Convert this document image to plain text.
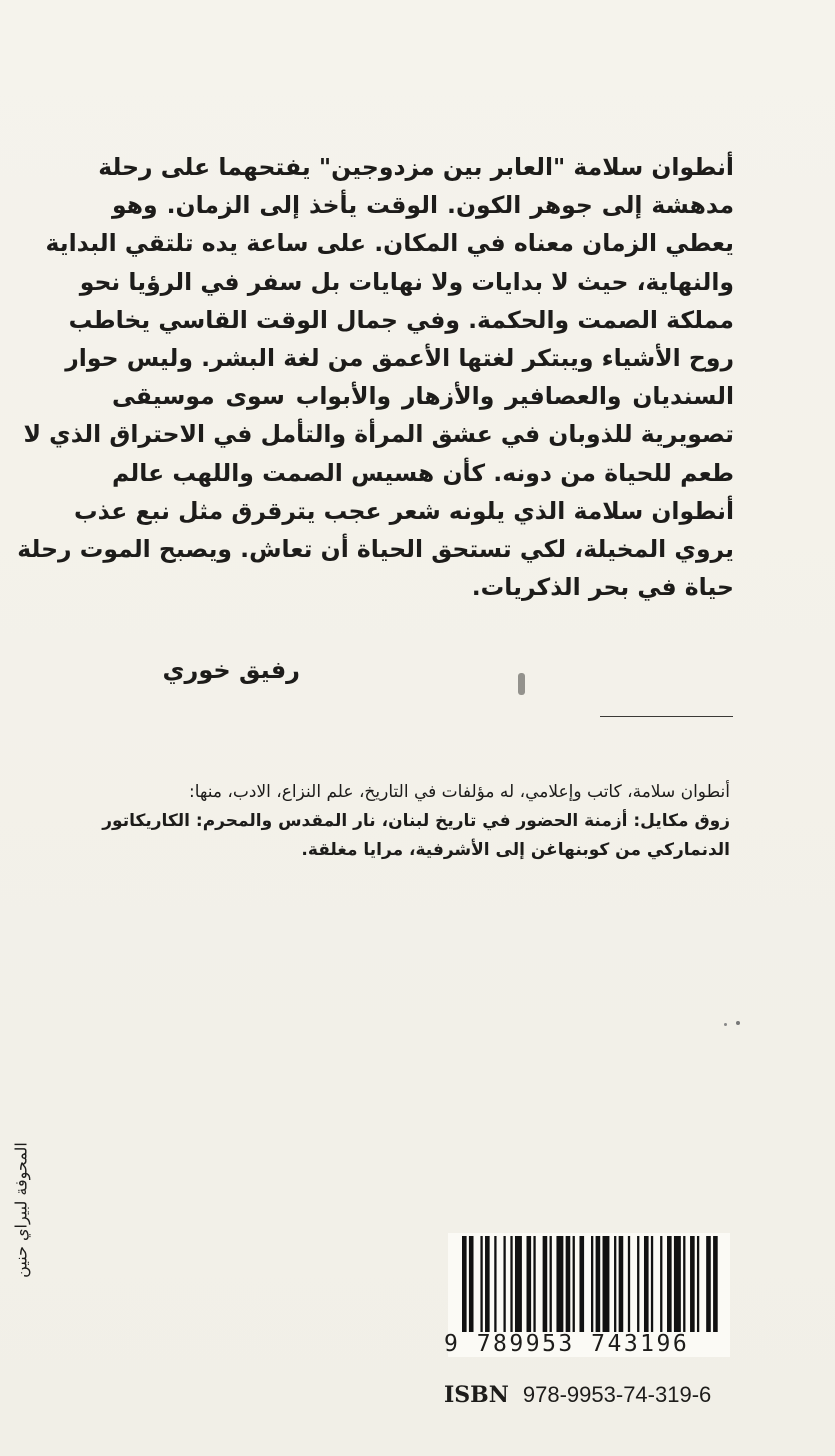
أنطوان سلامة "العابر بين مزدوجين" يفتحهما على رحلة
مدهشة إلى جوهر الكون. الوقت يأخذ إلى الزمان. وهو
يعطي الزمان معناه في المكان. على ساعة يده تلتقي البداية
والنهاية، حيث لا بدايات ولا نهايات بل سفر في الرؤيا نحو
مملكة الصمت والحكمة. وفي جمال الوقت القاسي يخاطب
روح الأشياء ويبتكر لغتها الأعمق من لغة البشر. وليس حوار
السنديان والعصافير والأزهار والأبواب سوى موسيقى
تصويرية للذوبان في عشق المرأة والتأمل في الاحتراق الذي لا
طعم للحياة من دونه. كأن هسيس الصمت واللهب عالم
أنطوان سلامة الذي يلونه شعر عجب يترقرق مثل نبع عذب
يروي المخيلة، لكي تستحق الحياة أن تعاش. ويصبح الموت رحلة
حياة في بحر الذكريات.
رفيق خوري
أنطوان سلامة، كاتب وإعلامي، له مؤلفات في التاريخ، علم النزاع، الادب، منها:
زوق مكايل: أزمنة الحضور في تاريخ لبنان، نار المقدس والمحرم: الكاريكاتور
الدنماركي من كوبنهاغن إلى الأشرفية، مرايا مغلقة.
المحوفة لبيراي حنين
9 789953 743196
ISBN 978-9953-74-319-6
